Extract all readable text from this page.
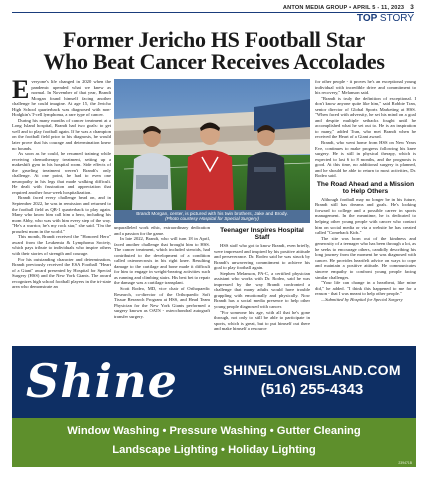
ANTON MEDIA GROUP • APRIL 5 - 11, 2023 3
TOP STORY
Former Jericho HS Football Star
Who Beat Cancer Receives Accolades

Everyone's life changed in 2020 when the pandemic upended what we knew as normal. In November of that year, Brandt Morgan found himself facing another challenge he could imagine. At age 15, the Jericho High School quarterback was diagnosed with non-Hodgkin's T-cell lymphoma, a rare type of cancer.

During his many months of cancer treatment at a Long Island hospital, Brandt had two goals: to get well and to play football again. If he was a champion on the football field prior to his diagnosis, he would later prove that his courage and determination knew no bounds.

As soon as he could, he resumed training while receiving chemotherapy treatment, setting up a makeshift gym in his hospital room. Side effects of the grueling treatment weren't Brandt's only challenge. At one point, he had to even one neuropathy in his legs that made walking difficult. He dealt with frustration and appreciation that required another four-week hospitalization.

Brandt faced every challenge head on, and in September 2022, he was in remission and returned to the football field as QB-1 quarterback to play again. Many who know him call him a hero, including his mom Abby, who was with him every step of the way. "He's a warrior, he's my rock star," she said. "I'm the proudest mom in the world."

This month, Brandt received the "Honored Hero" award from the Leukemia & Lymphoma Society, which pays tribute to individuals who inspire others with their stories of strength and courage.

For his outstanding character and determination, Brandt previously received the ESA Football "Heart of a Giant" award presented by Hospital for Special Surgery (HSS) and the New York Giants. The award recognizes high school football players in the tri-state area who demonstrate an

Brandt Morgan, center, is pictured with his twin brothers, Jake and Brody.
(Photo courtesy Hospital for Special Surgery)

unparalleled work ethic, extraordinary dedication and a passion for the game.

In late 2022, Brandt, who will turn 18 in April, faced another challenge that brought him to HSS. The cancer treatment, which included steroids, had contributed to the development of a condition called osteonecrosis in his right knee. Resulting damage to the cartilage and bone made it difficult for him to engage in weight-bearing activities such as running and climbing stairs. His best bet to repair the damage was a cartilage transplant.

Scott Rodeo, MD, vice chair of Orthopaedic Research, co-director of the Orthopaedic Soft Tissue Research Program at HSS, and Head Team Physician for the New York Giants performed a surgery known as OATS - osteochondral autograft transfer surgery.

Teenager Inspires Hospital Staff

HSS staff who got to know Brandt, even briefly, were impressed and inspired by his positive attitude and perseverance. Dr. Rodeo said he was struck by Brandt's unwavering commitment to achieve his goal to play football again.

Stephen Melanson, PA-C, a certified physician assistant who works with Dr. Rodeo, said he was impressed by the way Brandt confronted a challenge that many adults would have trouble grappling with emotionally and physically. Now Brandt has a social media presence to help other young people diagnosed with cancer.

"For someone his age, with all that he's gone through, not only to still be able to participate in sports, which is great, but to put himself out there and make himself a resource

for other people - it proves he's an exceptional young individual with incredible drive and commitment to his recovery," Melanson said.

"Brandt is truly the definition of exceptional. I don't know anyone quite like him," said Robbie Tran, senior director of Global Sports Marketing at HSS. "When faced with adversity, he set his mind on a goal and despite multiple setbacks fought until he accomplished what he set out to. He is an inspiration to many," added Tran, who met Brandt when he received the Heart of a Giant award.

Brandt, who went home from HSS on New Years Eve, continues to make progress following his knee surgery. He is still in physical therapy, which is expected to last 6 to 8 months, and the prognosis is good. At this time, no additional surgery is planned, and he should be able to return to most activities, Dr. Rodeo said.

The Road Ahead and a Mission to Help Others

Although football may no longer be in his future, Brandt still has dreams and goals. He's looking forward to college and a possible career in sports management. In the meantime, he is dedicated to helping other young people with cancer who contact him on social media or via a website he has created called "Comeback Kids."

The site was born out of the kindness and generosity of a teenager who has been through a lot, as he seeks to encourage others, candidly describing his long journey from the moment he was diagnosed with cancer. He provides heartfelt advice on ways to cope and maintain a positive attitude. He communicates sincere empathy to confront young people facing similar challenges.

"Your life can change in a heartbeat, like mine did," he added. "I think this happened to me for a reason - that I was meant to help other people."

—Submitted by Hospital for Special Surgery

Shine	SHINELONGISLAND.COM
(516) 255-4343
Window Washing • Pressure Washing • Gutter Cleaning
Landscape Lighting • Holiday Lighting
239471B
